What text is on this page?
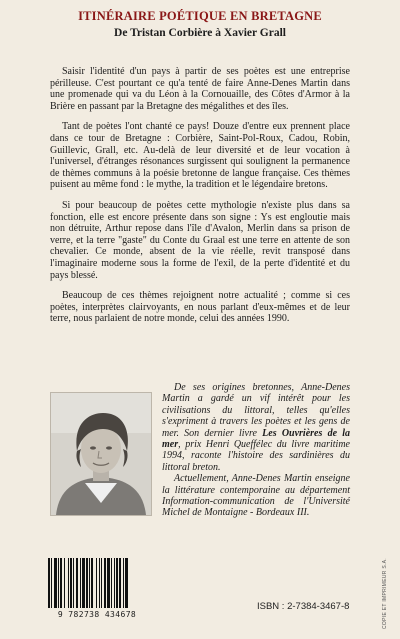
ITINÉRAIRE POÉTIQUE EN BRETAGNE
De Tristan Corbière à Xavier Grall

Saisir l'identité d'un pays à partir de ses poètes est une entreprise périlleuse. C'est pourtant ce qu'a tenté de faire Anne-Denes Martin dans une promenade qui va du Léon à la Cornouaille, des Côtes d'Armor à la Brière en passant par la Bretagne des mégalithes et des îles.

Tant de poètes l'ont chanté ce pays! Douze d'entre eux prennent place dans ce tour de Bretagne : Corbière, Saint-Pol-Roux, Cadou, Robin, Guillevic, Grall, etc. Au-delà de leur diversité et de leur vocation à l'universel, d'étranges résonances surgissent qui soulignent la permanence de thèmes communs à la poésie bretonne de langue française. Ces thèmes puisent au même fond : le mythe, la tradition et le légendaire bretons.

Si pour beaucoup de poètes cette mythologie n'existe plus dans sa fonction, elle est encore présente dans son signe : Ys est engloutie mais non détruite, Arthur repose dans l'île d'Avalon, Merlin dans sa prison de verre, et la terre "gaste" du Conte du Graal est une terre en attente de son chevalier. Ce monde, absent de la vie réelle, revit transposé dans l'imaginaire moderne sous la forme de l'exil, de la perte d'identité et du pays blessé.

Beaucoup de ces thèmes rejoignent notre actualité ; comme si ces poètes, interprètes clairvoyants, en nous parlant d'eux-mêmes et de leur terre, nous parlaient de notre monde, celui des années 1990.

De ses origines bretonnes, Anne-Denes Martin a gardé un vif intérêt pour les civilisations du littoral, telles qu'elles s'expriment à travers les poètes et les gens de mer. Son dernier livre Les Ouvrières de la mer, prix Henri Queffélec du livre maritime 1994, raconte l'histoire des sardinières du littoral breton.

Actuellement, Anne-Denes Martin enseigne la littérature contemporaine au département Information-communication de l'Université Michel de Montaigne - Bordeaux III.

9 782738 434678
ISBN : 2-7384-3467-8	COPIE ET IMPRIMEUR S.A.
